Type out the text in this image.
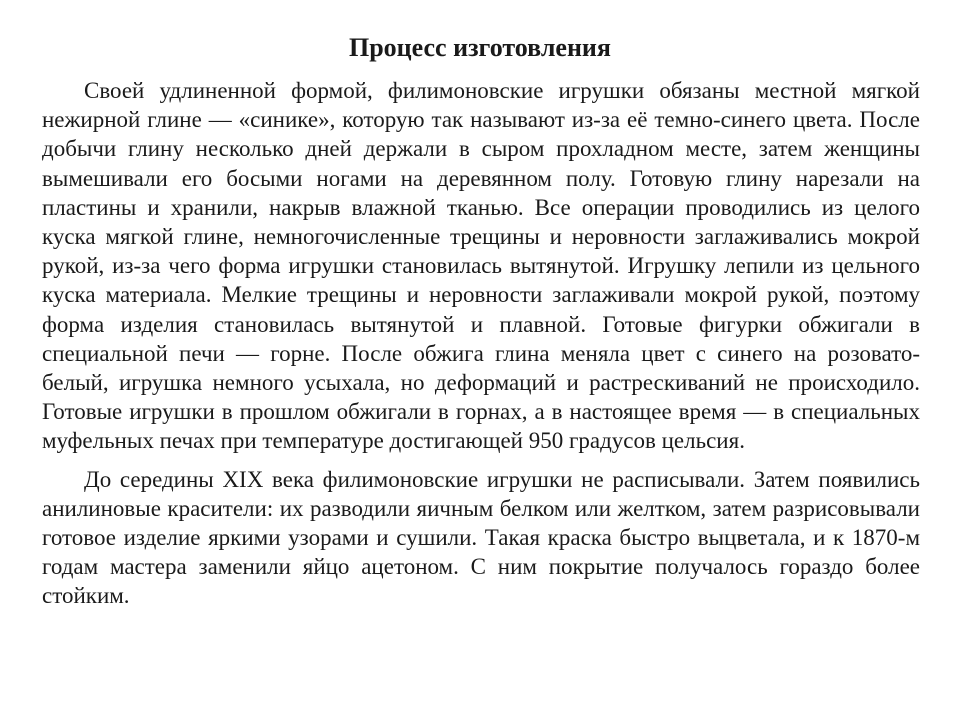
Процесс изготовления

Своей удлиненной формой, филимоновские игрушки обязаны местной мягкой нежирной глине — «синике», которую так называют из-за её темно-синего цвета. После добычи глину несколько дней держали в сыром прохладном месте, затем женщины вымешивали его босыми ногами на деревянном полу. Готовую глину нарезали на пластины и хранили, накрыв влажной тканью. Все операции проводились из целого куска мягкой глине, немногочисленные трещины и неровности заглаживались мокрой рукой, из-за чего форма игрушки становилась вытянутой. Игрушку лепили из цельного куска материала. Мелкие трещины и неровности заглаживали мокрой рукой, поэтому форма изделия становилась вытянутой и плавной. Готовые фигурки обжигали в специальной печи — горне. После обжига глина меняла цвет с синего на розовато-белый, игрушка немного усыхала, но деформаций и растрескиваний не происходило. Готовые игрушки в прошлом обжигали в горнах, а в настоящее время — в специальных муфельных печах при температуре достигающей 950 градусов цельсия.

До середины XIX века филимоновские игрушки не расписывали. Затем появились анилиновые красители: их разводили яичным белком или желтком, затем разрисовывали готовое изделие яркими узорами и сушили. Такая краска быстро выцветала, и к 1870-м годам мастера заменили яйцо ацетоном. С ним покрытие получалось гораздо более стойким.
